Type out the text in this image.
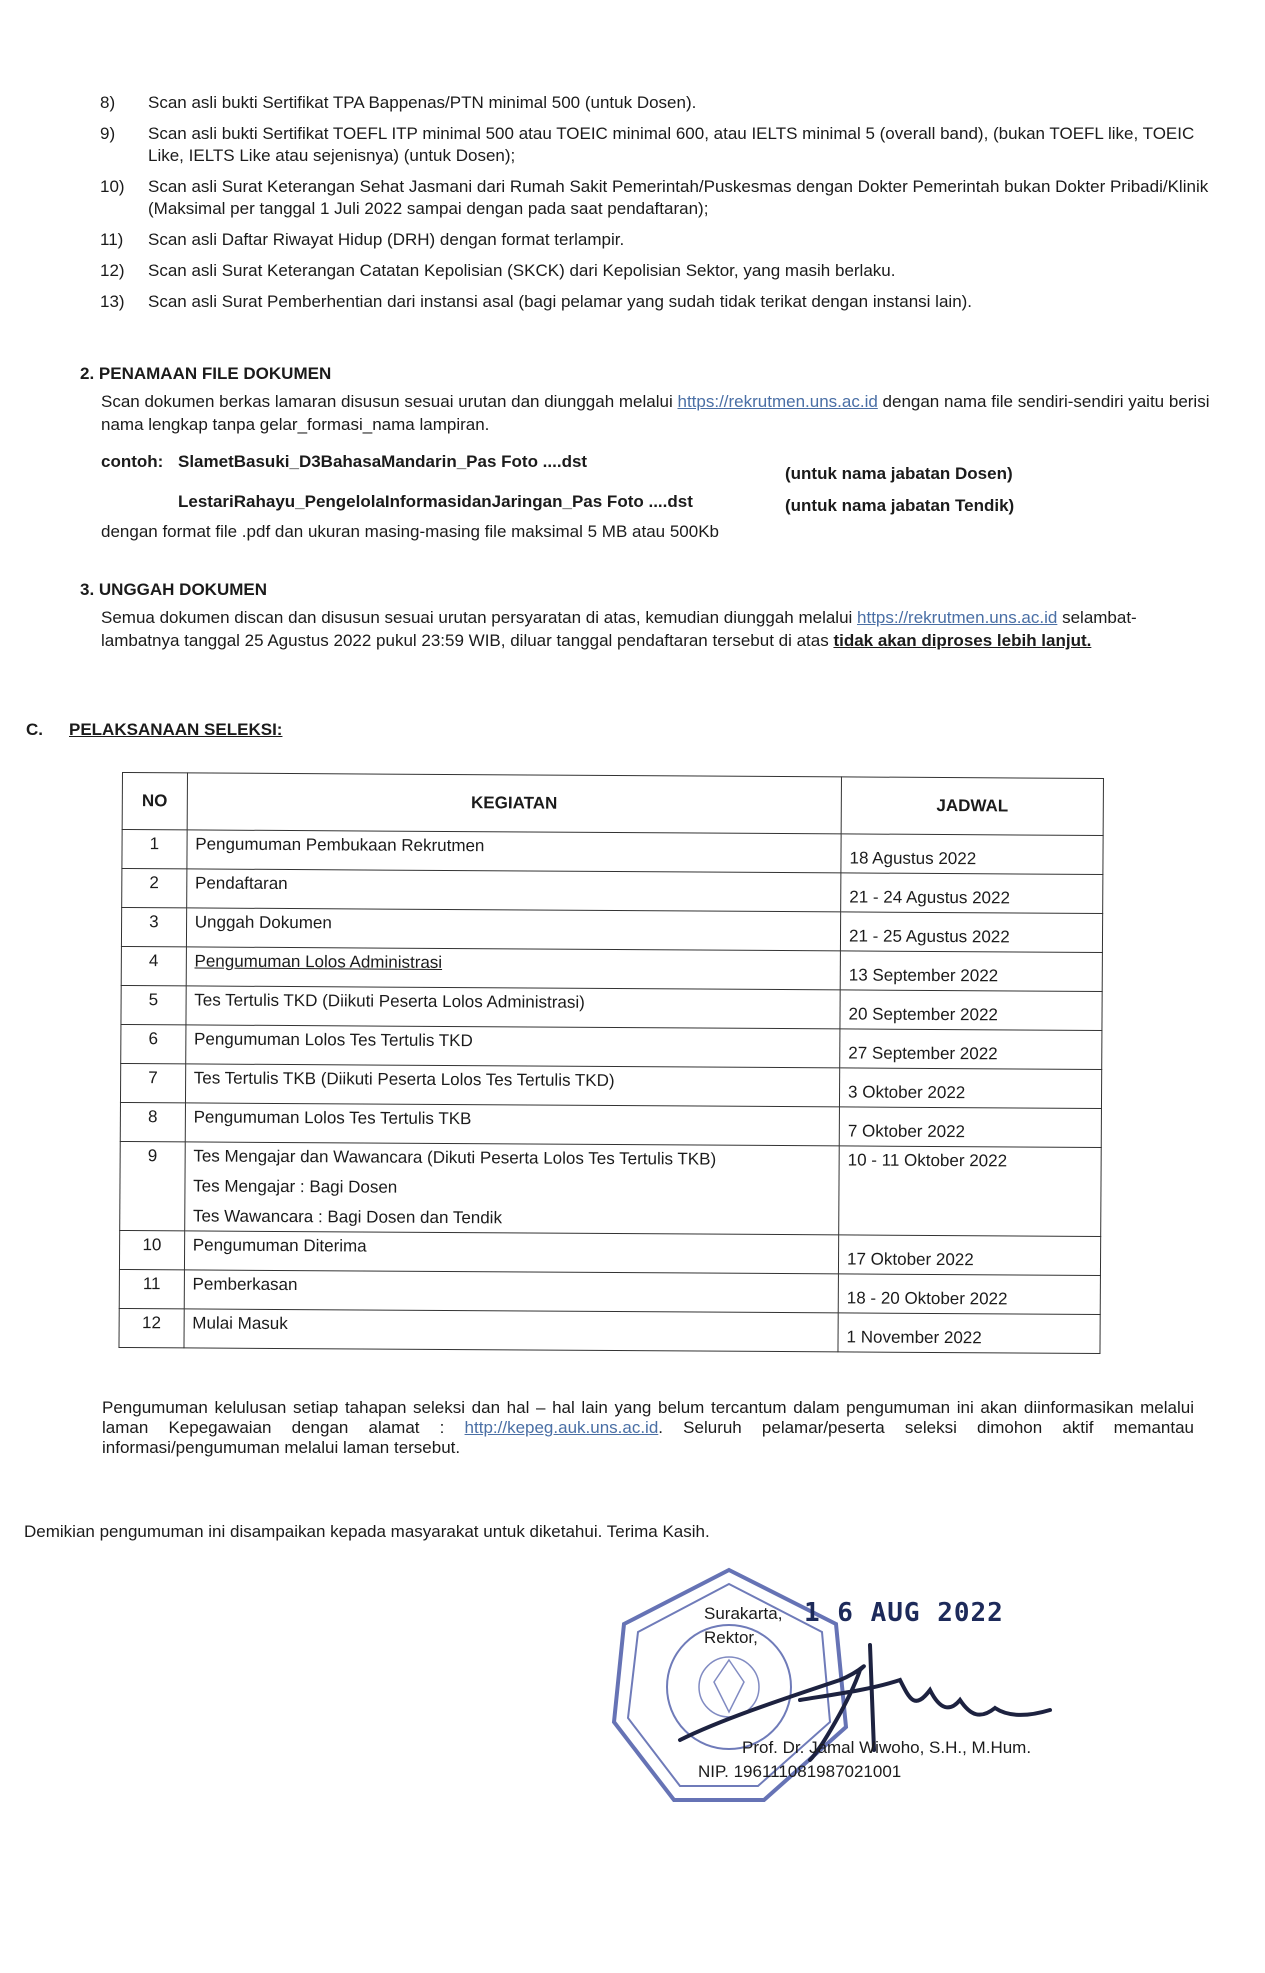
8)	Scan asli bukti Sertifikat TPA Bappenas/PTN minimal 500 (untuk Dosen).
9)	Scan asli bukti Sertifikat TOEFL ITP minimal 500 atau TOEIC minimal 600, atau IELTS minimal 5 (overall band), (bukan TOEFL like, TOEIC Like, IELTS Like atau sejenisnya) (untuk Dosen);
10)	Scan asli Surat Keterangan Sehat Jasmani dari Rumah Sakit Pemerintah/Puskesmas dengan Dokter Pemerintah bukan Dokter Pribadi/Klinik (Maksimal per tanggal 1 Juli 2022 sampai dengan pada saat pendaftaran);
11)	Scan asli Daftar Riwayat Hidup (DRH) dengan format terlampir.
12)	Scan asli Surat Keterangan Catatan Kepolisian (SKCK) dari Kepolisian Sektor, yang masih berlaku.
13)	Scan asli Surat Pemberhentian dari instansi asal (bagi pelamar yang sudah tidak terikat dengan instansi lain).
2. PENAMAAN FILE DOKUMEN

Scan dokumen berkas lamaran disusun sesuai urutan dan diunggah melalui https://rekrutmen.uns.ac.id dengan nama file sendiri-sendiri yaitu berisi nama lengkap tanpa gelar_formasi_nama lampiran.

contoh: SlametBasuki_D3BahasaMandarin_Pas Foto ....dst
(untuk nama jabatan Dosen)
LestariRahayu_PengelolaInformasidanJaringan_Pas Foto ....dst	(untuk nama jabatan Tendik)
dengan format file .pdf dan ukuran masing-masing file maksimal 5 MB atau 500Kb
3. UNGGAH DOKUMEN

Semua dokumen discan dan disusun sesuai urutan persyaratan di atas, kemudian diunggah melalui https://rekrutmen.uns.ac.id selambat-lambatnya tanggal 25 Agustus 2022 pukul 23:59 WIB, diluar tanggal pendaftaran tersebut di atas tidak akan diproses lebih lanjut.

C. PELAKSANAAN SELEKSI:
NO	KEGIATAN	JADWAL
1	Pengumuman Pembukaan Rekrutmen	18 Agustus 2022
2	Pendaftaran	21 - 24 Agustus 2022
3	Unggah Dokumen	21 - 25 Agustus 2022
4	Pengumuman Lolos Administrasi	13 September 2022
5	Tes Tertulis TKD (Diikuti Peserta Lolos Administrasi)	20 September 2022
6	Pengumuman Lolos Tes Tertulis TKD	27 September 2022
7	Tes Tertulis TKB (Diikuti Peserta Lolos Tes Tertulis TKD)	3 Oktober 2022
8	Pengumuman Lolos Tes Tertulis TKB	7 Oktober 2022
9	Tes Mengajar dan Wawancara (Dikuti Peserta Lolos Tes Tertulis TKB)
Tes Mengajar : Bagi Dosen
Tes Wawancara : Bagi Dosen dan Tendik	10 - 11 Oktober 2022
10	Pengumuman Diterima	17 Oktober 2022
11	Pemberkasan	18 - 20 Oktober 2022
12	Mulai Masuk	1 November 2022
Pengumuman kelulusan setiap tahapan seleksi dan hal – hal lain yang belum tercantum dalam pengumuman ini akan diinformasikan melalui laman Kepegawaian dengan alamat : http://kepeg.auk.uns.ac.id. Seluruh pelamar/peserta seleksi dimohon aktif memantau informasi/pengumuman melalui laman tersebut.
Demikian pengumuman ini disampaikan kepada masyarakat untuk diketahui. Terima Kasih.
Surakarta,
Rektor,
1 6 AUG 2022
Prof. Dr. Jamal Wiwoho, S.H., M.Hum.
NIP. 196111081987021001
